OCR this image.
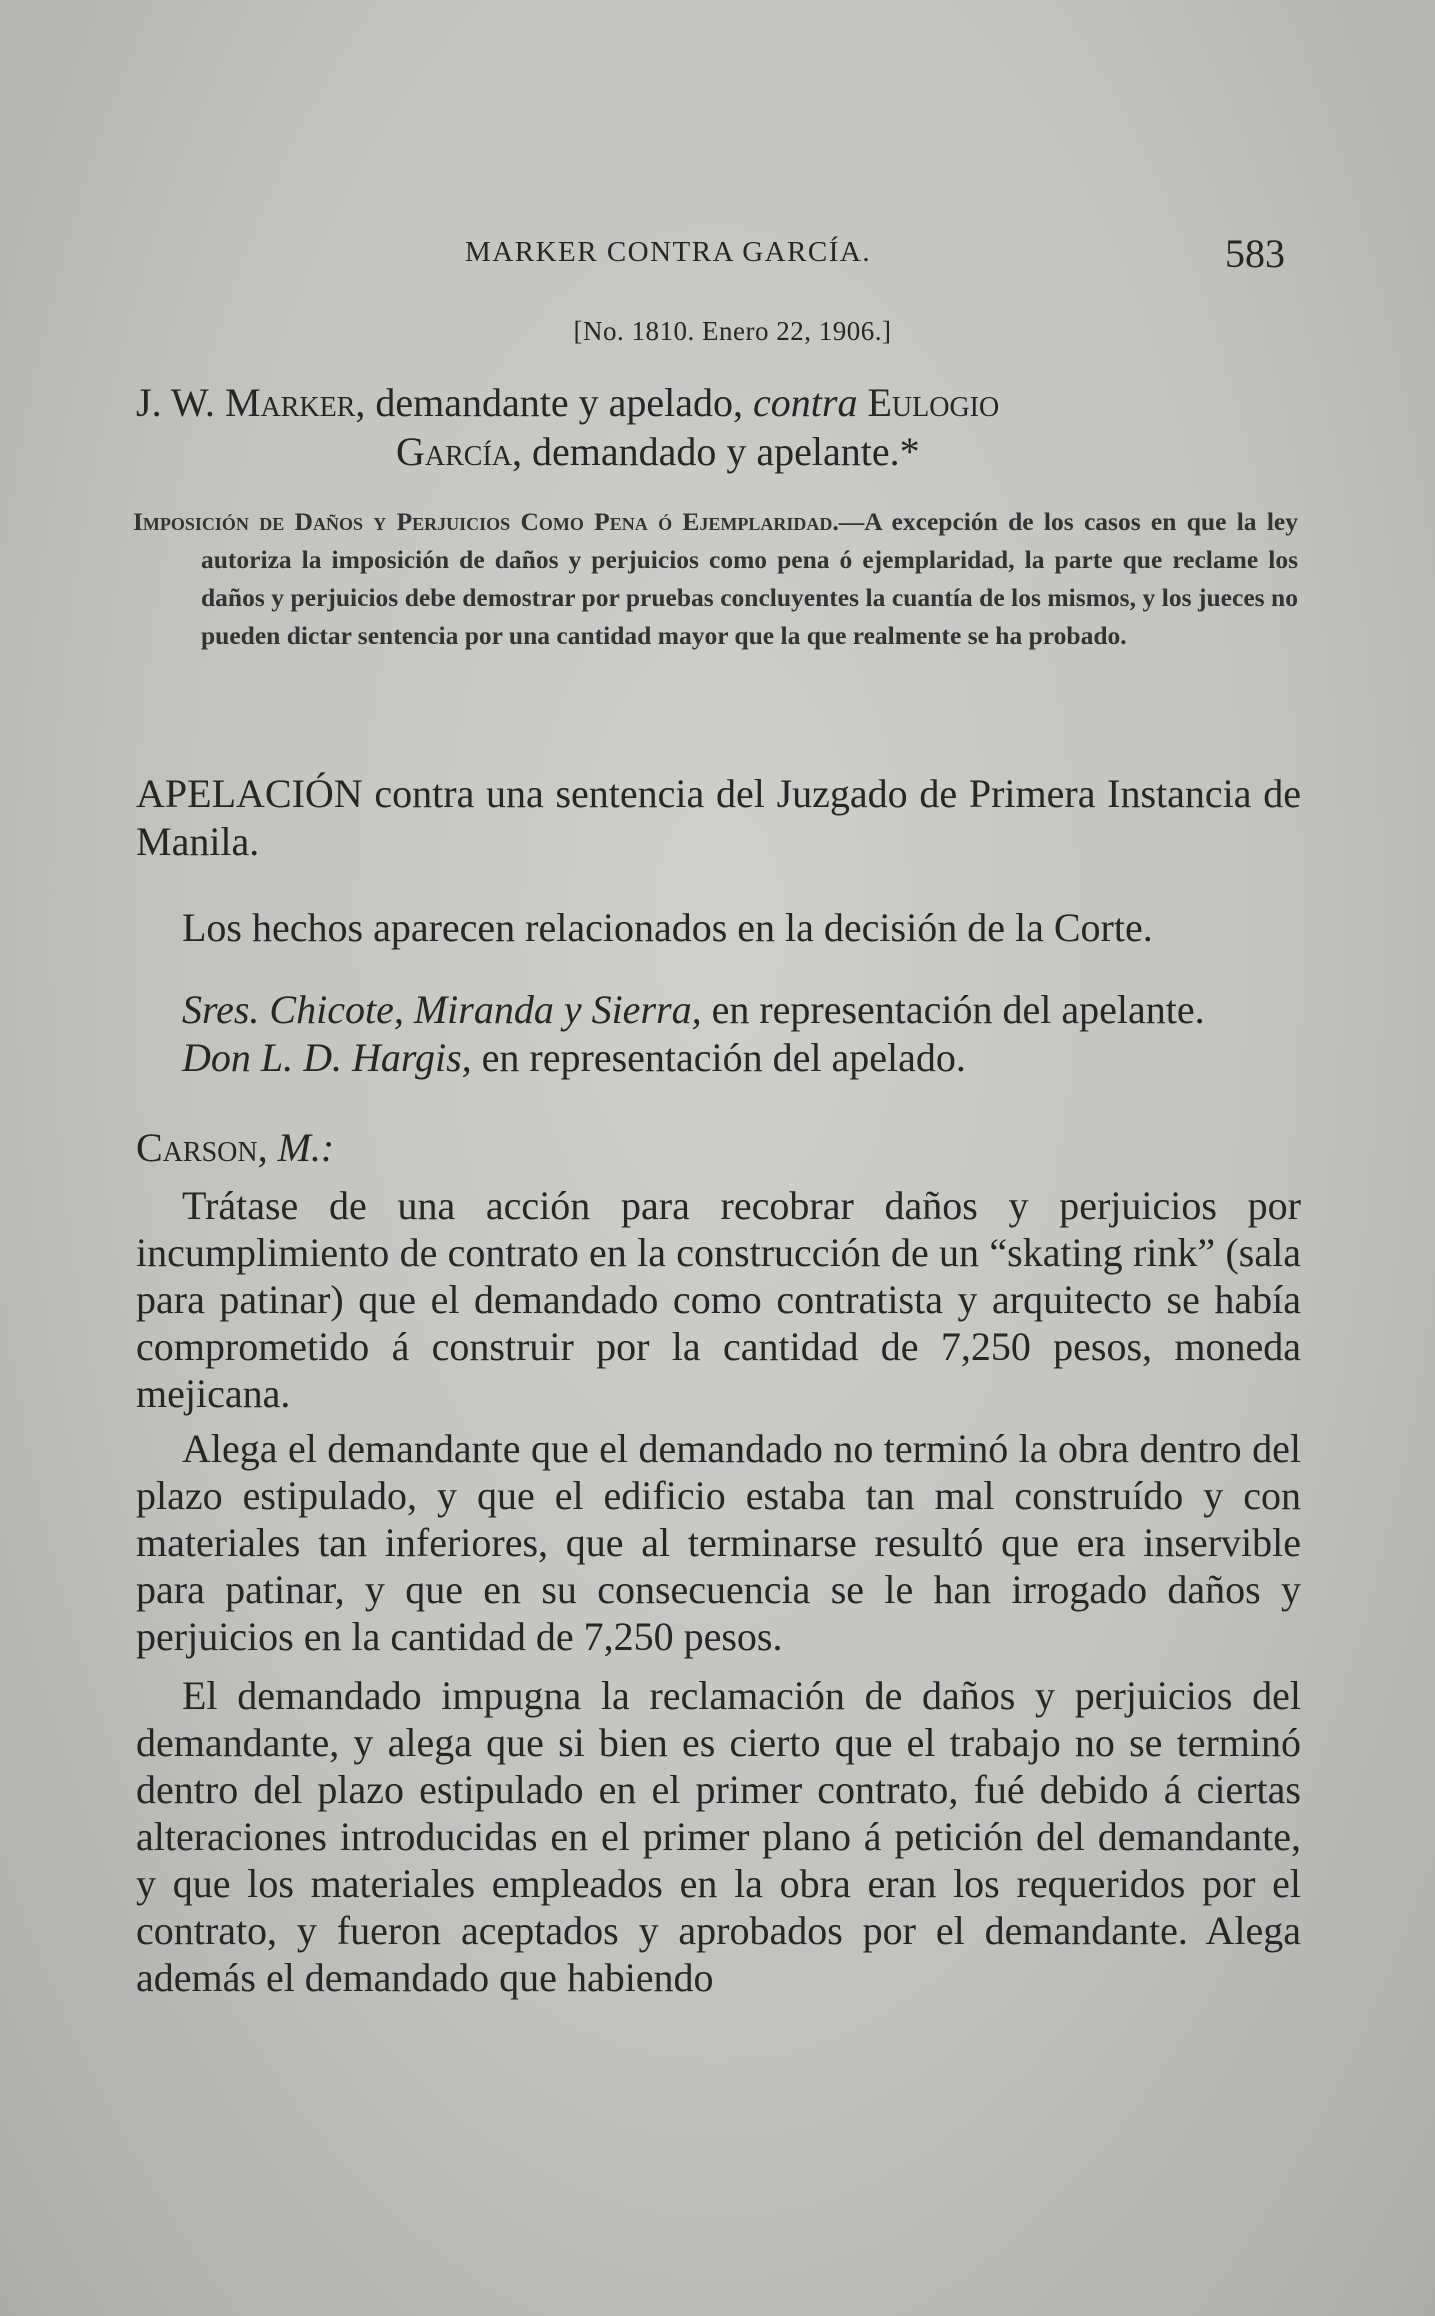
MARKER CONTRA GARCÍA.	583
[No. 1810. Enero 22, 1906.]
J. W. Marker, demandante y apelado, contra Eulogio
García, demandado y apelante.*

Imposición de Daños y Perjuicios Como Pena ó Ejemplaridad.—A excepción de los casos en que la ley autoriza la imposición de daños y perjuicios como pena ó ejemplaridad, la parte que reclame los daños y perjuicios debe demostrar por pruebas concluyentes la cuantía de los mismos, y los jueces no pueden dictar sentencia por una cantidad mayor que la que realmente se ha probado.

APELACIÓN contra una sentencia del Juzgado de Primera Instancia de Manila.

Los hechos aparecen relacionados en la decisión de la Corte.

Sres. Chicote, Miranda y Sierra, en representación del apelante.

Don L. D. Hargis, en representación del apelado.

Carson, M.:

Trátase de una acción para recobrar daños y perjuicios por incumplimiento de contrato en la construcción de un “skating rink” (sala para patinar) que el demandado como contratista y arquitecto se había comprometido á construir por la cantidad de 7,250 pesos, moneda mejicana.

Alega el demandante que el demandado no terminó la obra dentro del plazo estipulado, y que el edificio estaba tan mal construído y con materiales tan inferiores, que al terminarse resultó que era inservible para patinar, y que en su consecuencia se le han irrogado daños y perjuicios en la cantidad de 7,250 pesos.

El demandado impugna la reclamación de daños y perjuicios del demandante, y alega que si bien es cierto que el trabajo no se terminó dentro del plazo estipulado en el primer contrato, fué debido á ciertas alteraciones introducidas en el primer plano á petición del demandante, y que los materiales empleados en la obra eran los requeridos por el contrato, y fueron aceptados y aprobados por el demandante. Alega además el demandado que habiendo
